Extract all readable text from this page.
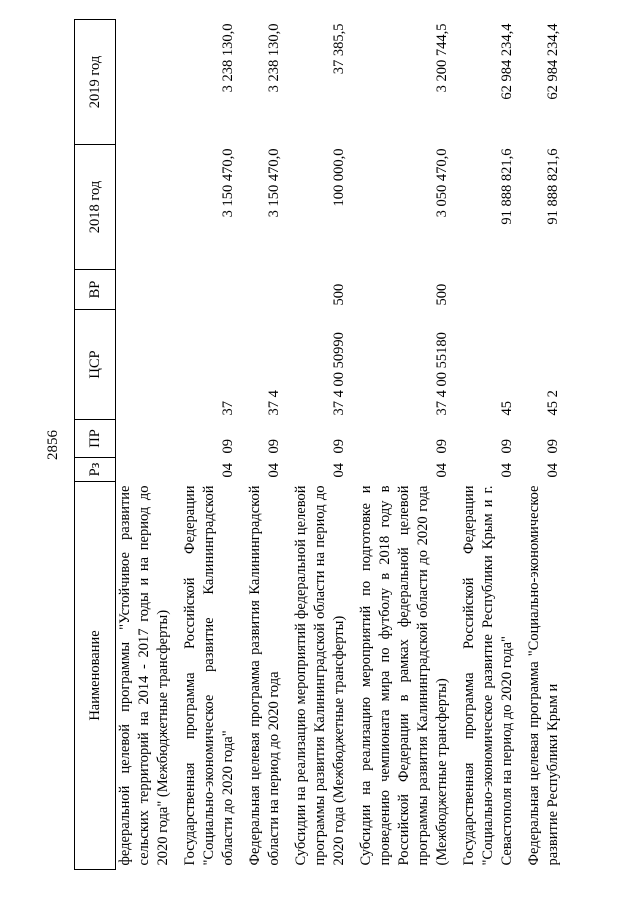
2856
Наименование	Рз	ПР	ЦСР	ВР	2018 год	2019 год
федеральной целевой программы "Устойчивое развитие сельских территорий на 2014 - 2017 годы и на период до 2020 года" (Межбюджетные трансферты)						
Государственная программа Российской Федерации "Социально-экономическое развитие Калининградской области до 2020 года"	04	09	37		3 150 470,0	3 238 130,0
Федеральная целевая программа развития Калининградской области на период до 2020 года	04	09	37 4		3 150 470,0	3 238 130,0
Субсидии на реализацию мероприятий федеральной целевой программы развития Калининградской области на период до 2020 года (Межбюджетные трансферты)	04	09	37 4 00 50990	500	100 000,0	37 385,5
Субсидии на реализацию мероприятий по подготовке и проведению чемпионата мира по футболу в 2018 году в Российской Федерации в рамках федеральной целевой программы развития Калининградской области до 2020 года (Межбюджетные трансферты)	04	09	37 4 00 55180	500	3 050 470,0	3 200 744,5
Государственная программа Российской Федерации "Социально-экономическое развитие Республики Крым и г. Севастополя на период до 2020 года"	04	09	45		91 888 821,6	62 984 234,4
Федеральная целевая программа "Социально-экономическое развитие Республики Крым и	04	09	45 2		91 888 821,6	62 984 234,4
